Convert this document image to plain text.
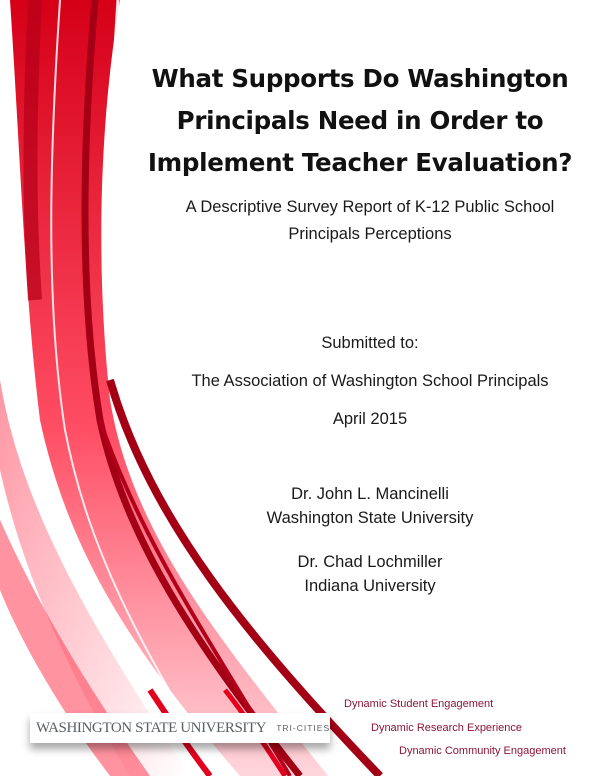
What Supports Do Washington
Principals Need in Order to
Implement Teacher Evaluation?
A Descriptive Survey Report of K-12 Public School
Principals Perceptions
Submitted to:
The Association of Washington School Principals
April 2015
Dr. John L. Mancinelli
Washington State University
Dr. Chad Lochmiller
Indiana University
WASHINGTON STATE UNIVERSITY TRI-CITIES
Dynamic Student Engagement
Dynamic Research Experience
Dynamic Community Engagement
